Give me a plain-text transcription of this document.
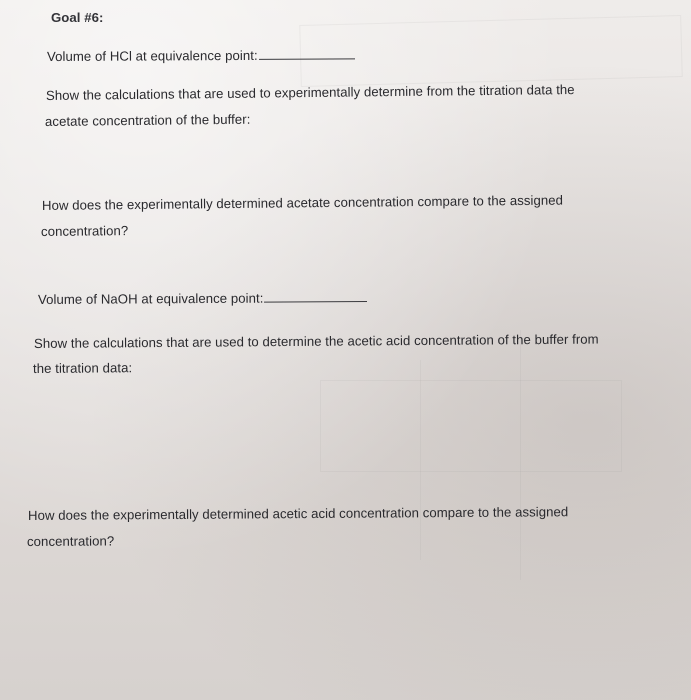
Goal #6:

Volume of HCl at equivalence point:

Show the calculations that are used to experimentally determine from the titration data the

acetate concentration of the buffer:

How does the experimentally determined acetate concentration compare to the assigned

concentration?

Volume of NaOH at equivalence point:

Show the calculations that are used to determine the acetic acid concentration of the buffer from

the titration data:

How does the experimentally determined acetic acid concentration compare to the assigned

concentration?
